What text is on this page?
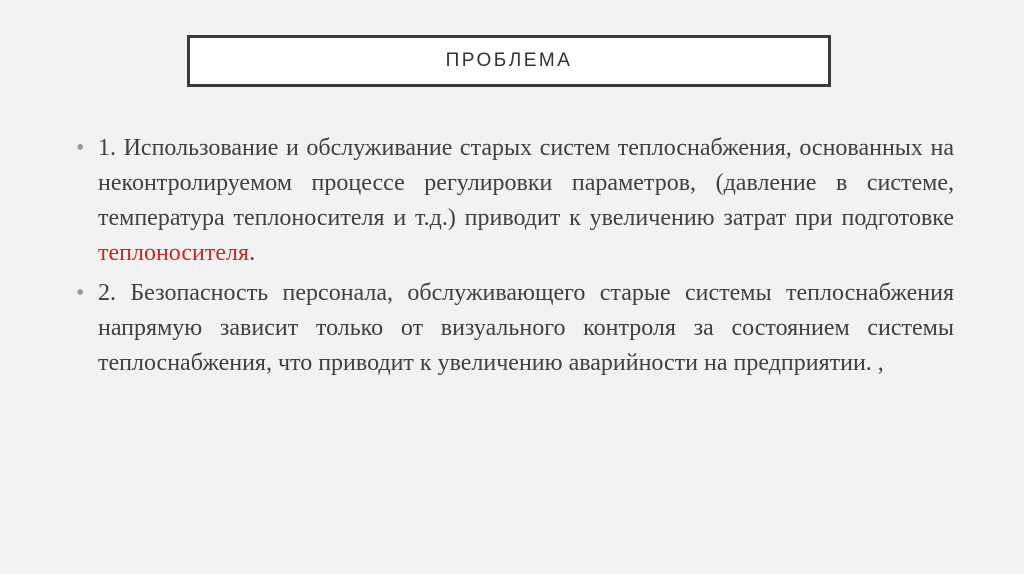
ПРОБЛЕМА
• 1. Использование и обслуживание старых систем теплоснабжения, основанных на неконтролируемом процессе регулировки параметров, (давление в системе, температура теплоносителя и т.д.) приводит к увеличению затрат при подготовке теплоносителя.
• 2. Безопасность персонала, обслуживающего старые системы теплоснабжения напрямую зависит только от визуального контроля за состоянием системы теплоснабжения, что приводит к увеличению аварийности на предприятии. ,
